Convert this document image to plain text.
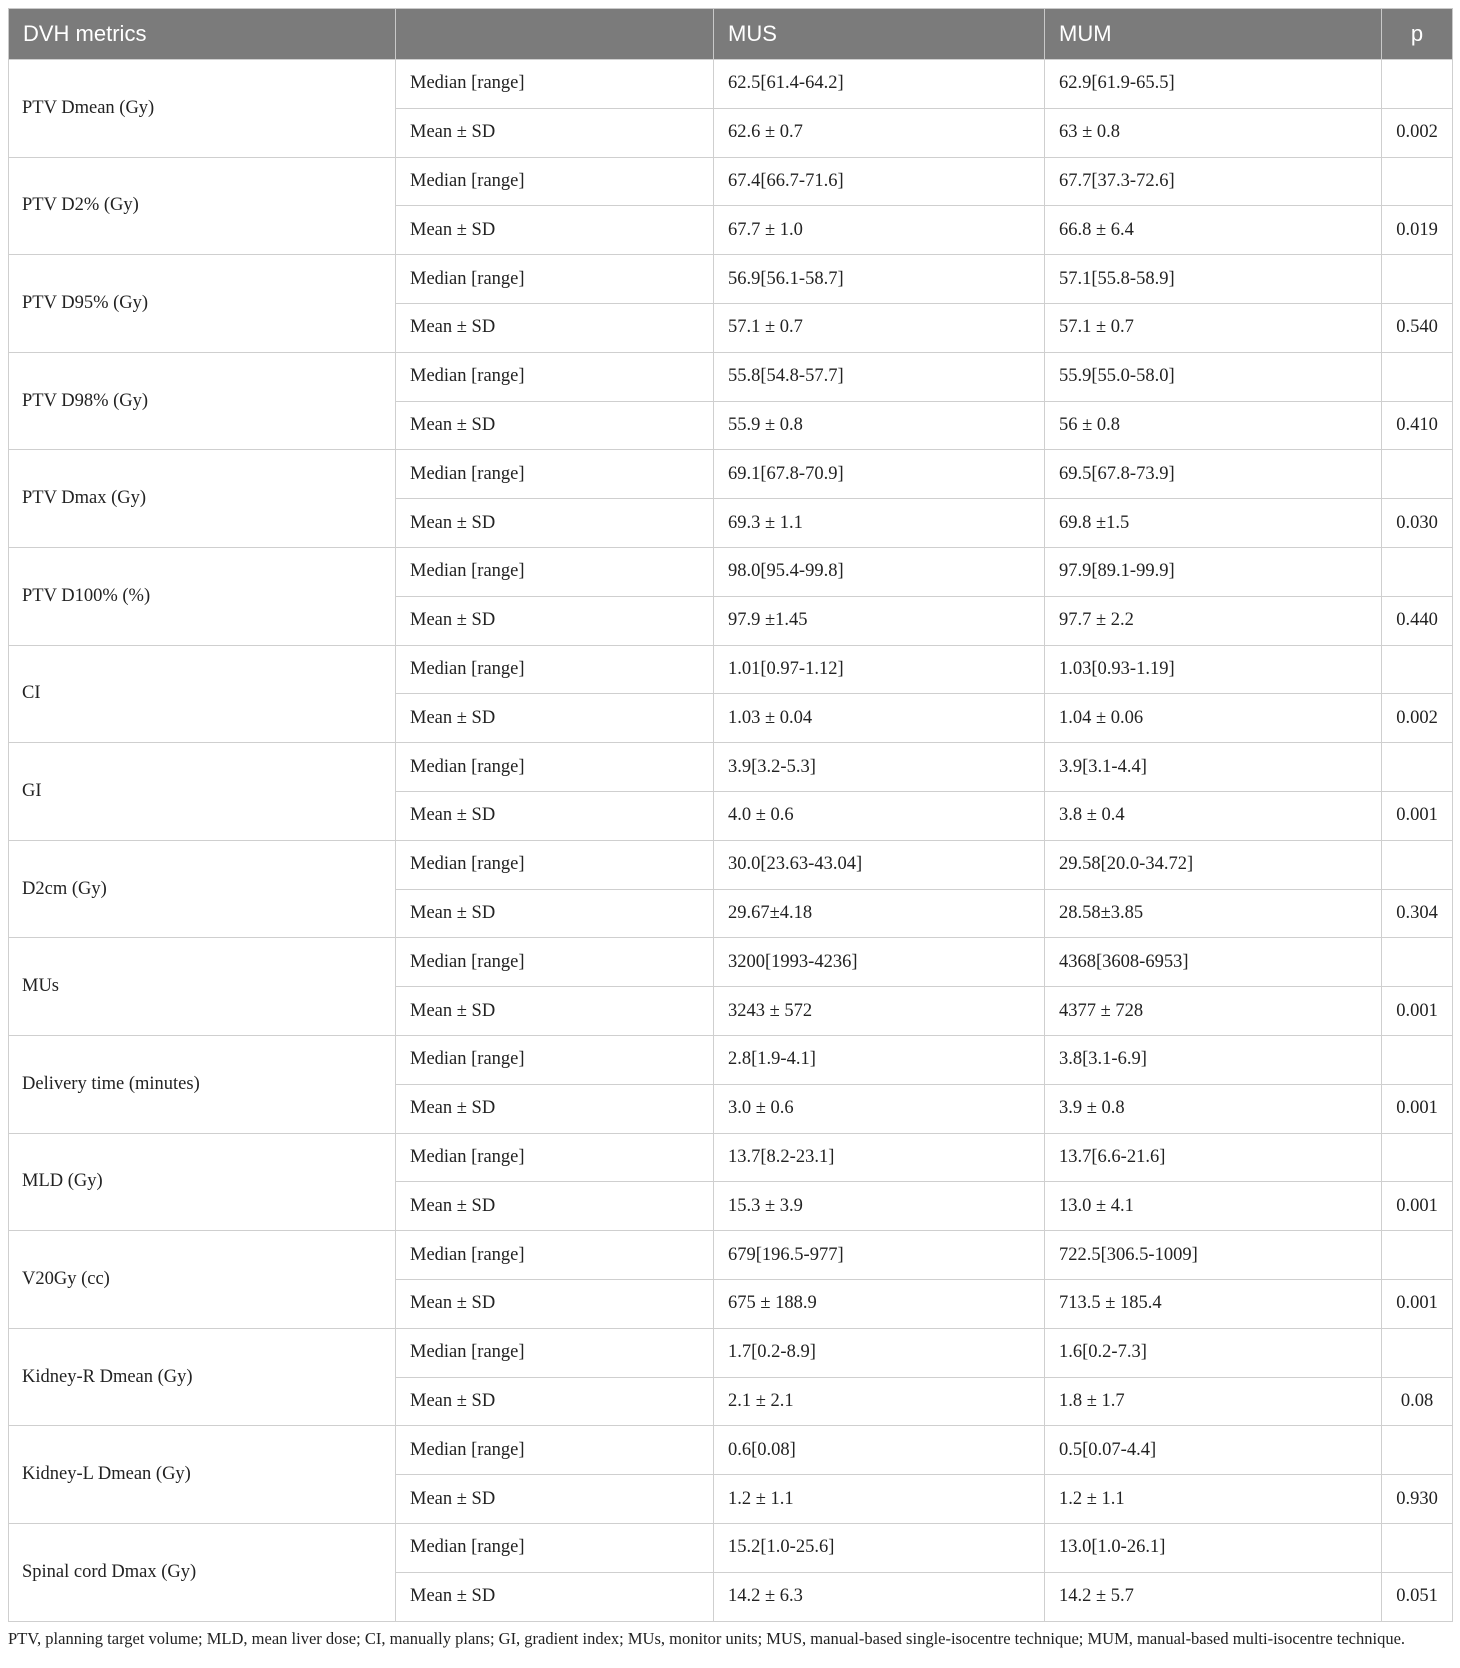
DVH metrics		MUS	MUM	p
PTV Dmean (Gy)	Median [range]	62.5[61.4-64.2]	62.9[61.9-65.5]	
	Mean ± SD	62.6 ± 0.7	63 ± 0.8	0.002
PTV D2% (Gy)	Median [range]	67.4[66.7-71.6]	67.7[37.3-72.6]	
	Mean ± SD	67.7 ± 1.0	66.8 ± 6.4	0.019
PTV D95% (Gy)	Median [range]	56.9[56.1-58.7]	57.1[55.8-58.9]	
	Mean ± SD	57.1 ± 0.7	57.1 ± 0.7	0.540
PTV D98% (Gy)	Median [range]	55.8[54.8-57.7]	55.9[55.0-58.0]	
	Mean ± SD	55.9 ± 0.8	56 ± 0.8	0.410
PTV Dmax (Gy)	Median [range]	69.1[67.8-70.9]	69.5[67.8-73.9]	
	Mean ± SD	69.3 ± 1.1	69.8 ±1.5	0.030
PTV D100% (%)	Median [range]	98.0[95.4-99.8]	97.9[89.1-99.9]	
	Mean ± SD	97.9 ±1.45	97.7 ± 2.2	0.440
CI	Median [range]	1.01[0.97-1.12]	1.03[0.93-1.19]	
	Mean ± SD	1.03 ± 0.04	1.04 ± 0.06	0.002
GI	Median [range]	3.9[3.2-5.3]	3.9[3.1-4.4]	
	Mean ± SD	4.0 ± 0.6	3.8 ± 0.4	0.001
D2cm (Gy)	Median [range]	30.0[23.63-43.04]	29.58[20.0-34.72]	
	Mean ± SD	29.67±4.18	28.58±3.85	0.304
MUs	Median [range]	3200[1993-4236]	4368[3608-6953]	
	Mean ± SD	3243 ± 572	4377 ± 728	0.001
Delivery time (minutes)	Median [range]	2.8[1.9-4.1]	3.8[3.1-6.9]	
	Mean ± SD	3.0 ± 0.6	3.9 ± 0.8	0.001
MLD (Gy)	Median [range]	13.7[8.2-23.1]	13.7[6.6-21.6]	
	Mean ± SD	15.3 ± 3.9	13.0 ± 4.1	0.001
V20Gy (cc)	Median [range]	679[196.5-977]	722.5[306.5-1009]	
	Mean ± SD	675 ± 188.9	713.5 ± 185.4	0.001
Kidney-R Dmean (Gy)	Median [range]	1.7[0.2-8.9]	1.6[0.2-7.3]	
	Mean ± SD	2.1 ± 2.1	1.8 ± 1.7	0.08
Kidney-L Dmean (Gy)	Median [range]	0.6[0.08]	0.5[0.07-4.4]	
	Mean ± SD	1.2 ± 1.1	1.2 ± 1.1	0.930
Spinal cord Dmax (Gy)	Median [range]	15.2[1.0-25.6]	13.0[1.0-26.1]	
	Mean ± SD	14.2 ± 6.3	14.2 ± 5.7	0.051
PTV, planning target volume; MLD, mean liver dose; CI, manually plans; GI, gradient index; MUs, monitor units; MUS, manual-based single-isocentre technique; MUM, manual-based multi-isocentre technique.
